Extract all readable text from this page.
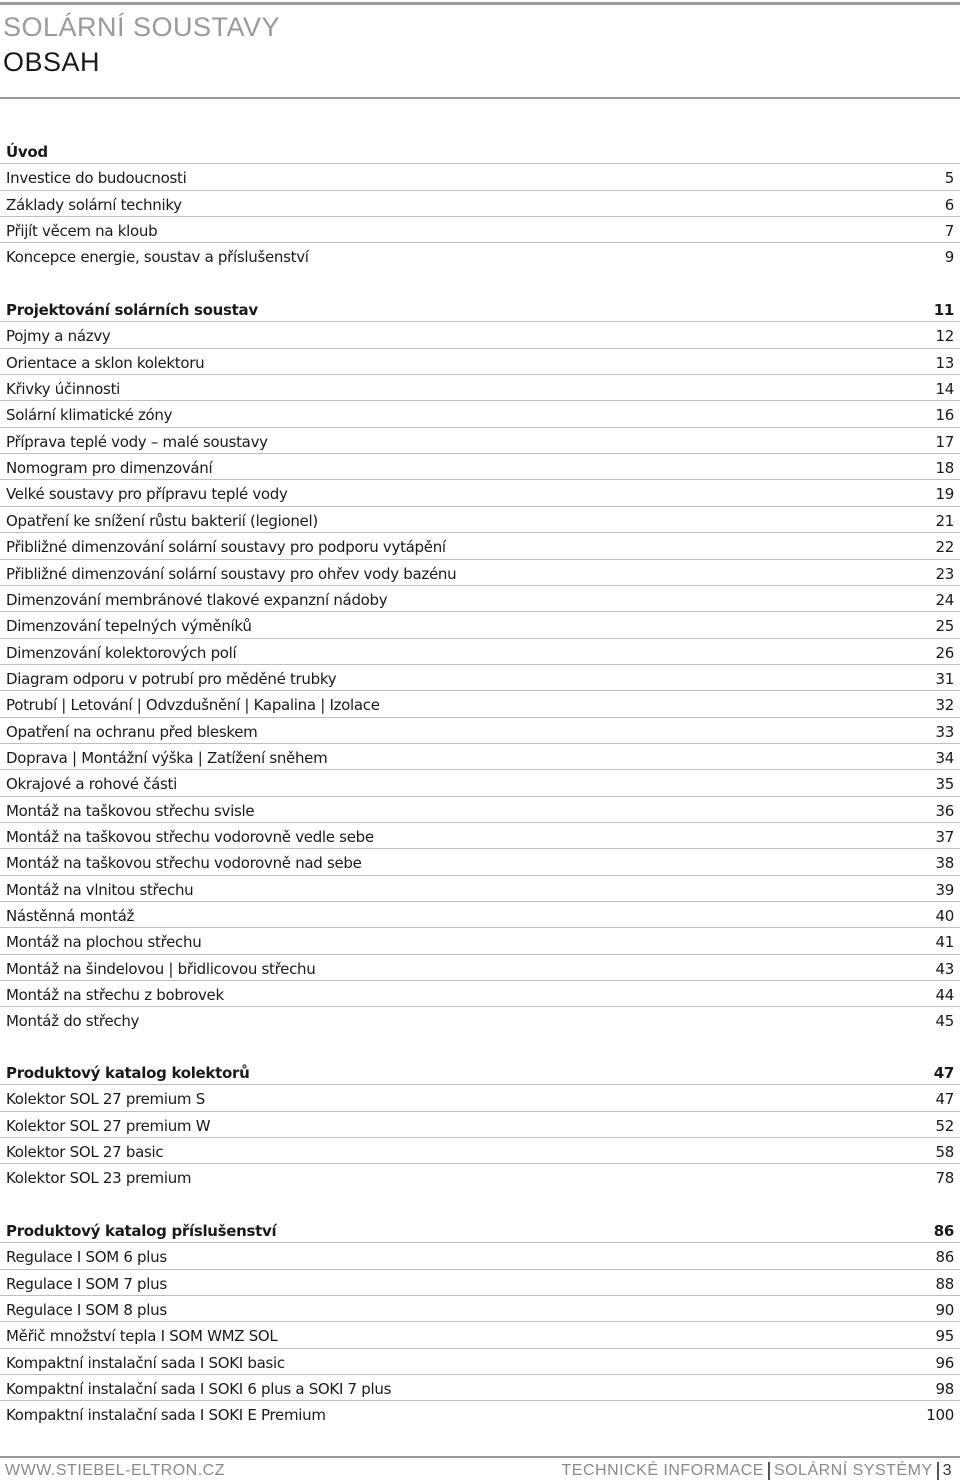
SOLÁRNÍ SOUSTAVY
OBSAH
Úvod
Investice do budoucnosti	5
Základy solární techniky	6
Přijít věcem na kloub	7
Koncepce energie, soustav a příslušenství	9
Projektování solárních soustav	11
Pojmy a názvy	12
Orientace a sklon kolektoru	13
Křivky účinnosti	14
Solární klimatické zóny	16
Příprava teplé vody – malé soustavy	17
Nomogram pro dimenzování	18
Velké soustavy pro přípravu teplé vody	19
Opatření ke snížení růstu bakterií (legionel)	21
Přibližné dimenzování solární soustavy pro podporu vytápění	22
Přibližné dimenzování solární soustavy pro ohřev vody bazénu	23
Dimenzování membránové tlakové expanzní nádoby	24
Dimenzování tepelných výměníků	25
Dimenzování kolektorových polí	26
Diagram odporu v potrubí pro měděné trubky	31
Potrubí | Letování | Odvzdušnění | Kapalina | Izolace	32
Opatření na ochranu před bleskem	33
Doprava | Montážní výška | Zatížení sněhem	34
Okrajové a rohové části	35
Montáž na taškovou střechu svisle	36
Montáž na taškovou střechu vodorovně vedle sebe	37
Montáž na taškovou střechu vodorovně nad sebe	38
Montáž na vlnitou střechu	39
Nástěnná montáž	40
Montáž na plochou střechu	41
Montáž na šindelovou | břidlicovou střechu	43
Montáž na střechu z bobrovek	44
Montáž do střechy	45
Produktový katalog kolektorů	47
Kolektor SOL 27 premium S	47
Kolektor SOL 27 premium W	52
Kolektor SOL 27 basic	58
Kolektor SOL 23 premium	78
Produktový katalog příslušenství	86
Regulace I SOM 6 plus	86
Regulace I SOM 7 plus	88
Regulace I SOM 8 plus	90
Měřič množství tepla I SOM WMZ SOL	95
Kompaktní instalační sada I SOKI basic	96
Kompaktní instalační sada I SOKI 6 plus a SOKI 7 plus	98
Kompaktní instalační sada I SOKI E Premium	100
WWW.STIEBEL-ELTRON.CZ	TECHNICKÉ INFORMACE SOLÁRNÍ SYSTÉMY 3
